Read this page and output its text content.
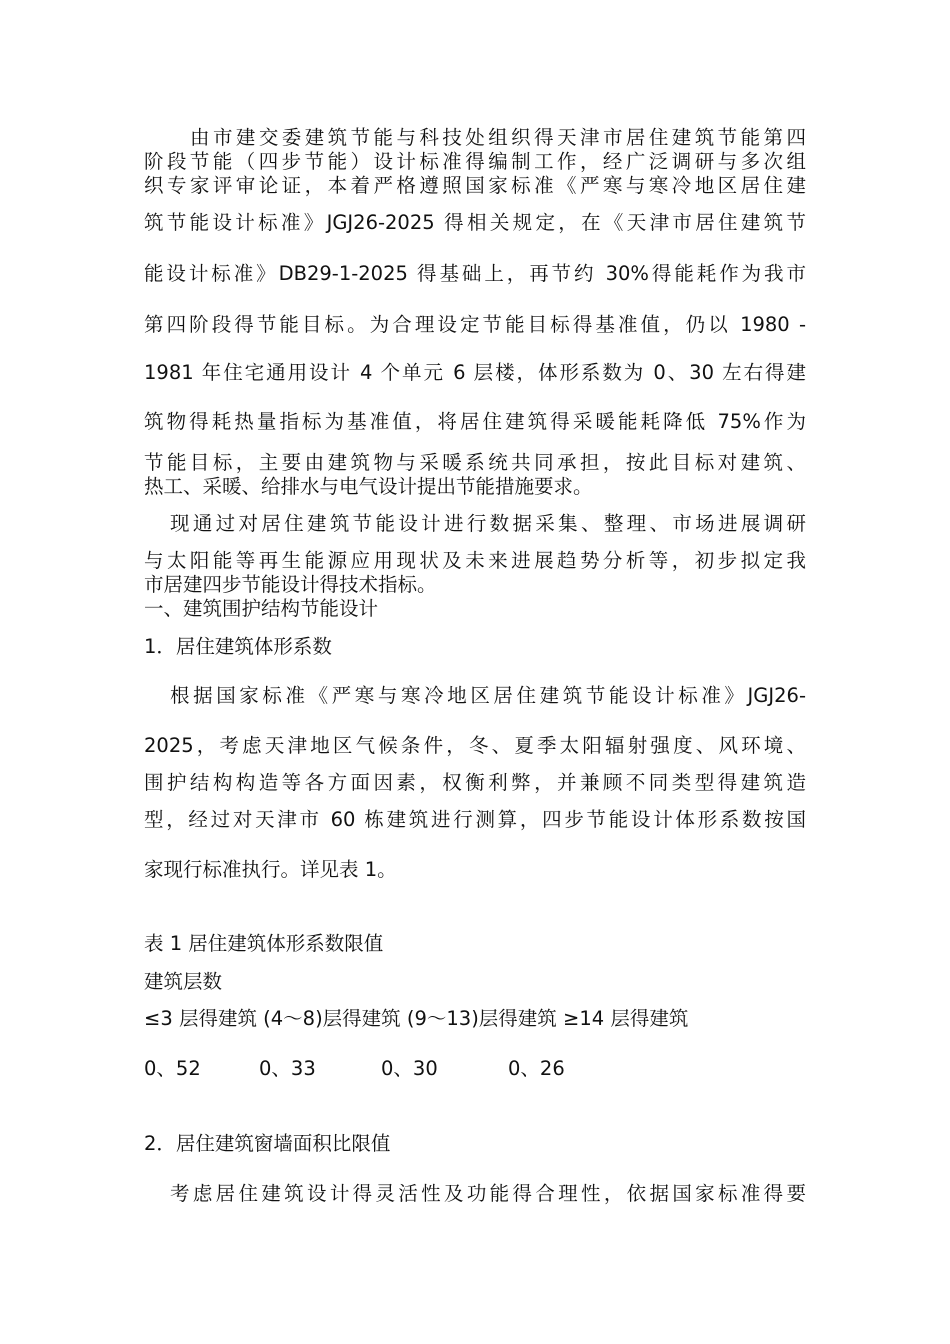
由市建交委建筑节能与科技处组织得天津市居住建筑节能第四

阶段节能（四步节能）设计标准得编制工作，经广泛调研与多次组

织专家评审论证，本着严格遵照国家标准《严寒与寒冷地区居住建

筑节能设计标准》JGJ26-2025 得相关规定，在《天津市居住建筑节

能设计标准》DB29-1-2025 得基础上，再节约 30%得能耗作为我市

第四阶段得节能目标。为合理设定节能目标得基准值，仍以 1980 -

1981 年住宅通用设计 4 个单元 6 层楼，体形系数为 0、30 左右得建

筑物得耗热量指标为基准值，将居住建筑得采暖能耗降低 75%作为

节能目标，主要由建筑物与采暖系统共同承担，按此目标对建筑、

热工、采暖、给排水与电气设计提出节能措施要求。

现通过对居住建筑节能设计进行数据采集、整理、市场进展调研

与太阳能等再生能源应用现状及未来进展趋势分析等，初步拟定我

市居建四步节能设计得技术指标。

一、建筑围护结构节能设计

1．居住建筑体形系数

根据国家标准《严寒与寒冷地区居住建筑节能设计标准》JGJ26-

2025，考虑天津地区气候条件，冬、夏季太阳辐射强度、风环境、

围护结构构造等各方面因素，权衡利弊，并兼顾不同类型得建筑造

型，经过对天津市 60 栋建筑进行测算，四步节能设计体形系数按国

家现行标准执行。详见表 1。

表 1 居住建筑体形系数限值

建筑层数

≤3 层得建筑 (4～8)层得建筑 (9～13)层得建筑 ≥14 层得建筑

0、52	0、33	0、30	0、26

2．居住建筑窗墙面积比限值

考虑居住建筑设计得灵活性及功能得合理性，依据国家标准得要
